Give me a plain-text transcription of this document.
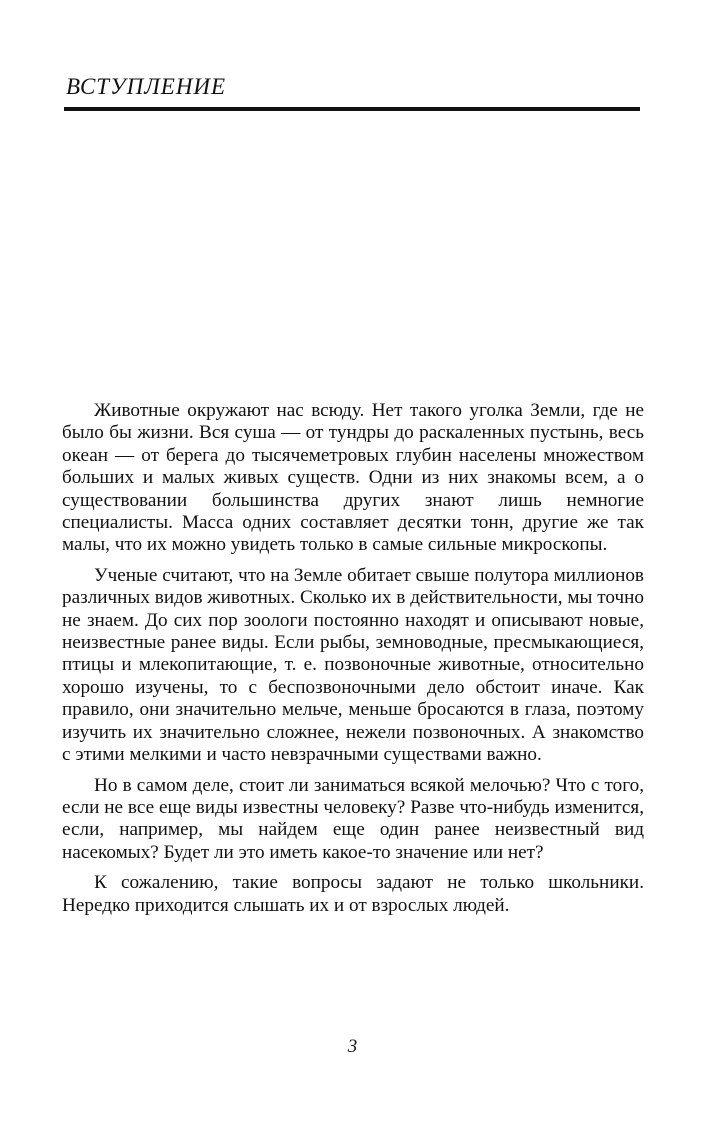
ВСТУПЛЕНИЕ

Животные окружают нас всюду. Нет такого уголка Земли, где не было бы жизни. Вся суша — от тундры до раскаленных пустынь, весь океан — от берега до тысячеметровых глубин населены множеством больших и малых живых существ. Одни из них знакомы всем, а о существовании большинства других знают лишь немногие специалисты. Масса одних составляет десятки тонн, другие же так малы, что их можно увидеть только в самые сильные микроскопы.

Ученые считают, что на Земле обитает свыше полутора миллионов различных видов животных. Сколько их в действительности, мы точно не знаем. До сих пор зоологи постоянно находят и описывают новые, неизвестные ранее виды. Если рыбы, земноводные, пресмыкающиеся, птицы и млекопитающие, т. е. позвоночные животные, относительно хорошо изучены, то с беспозвоночными дело обстоит иначе. Как правило, они значительно мельче, меньше бросаются в глаза, поэтому изучить их значительно сложнее, нежели позвоночных. А знакомство с этими мелкими и часто невзрачными существами важно.

Но в самом деле, стоит ли заниматься всякой мелочью? Что с того, если не все еще виды известны человеку? Разве что-нибудь изменится, если, например, мы найдем еще один ранее неизвестный вид насекомых? Будет ли это иметь какое-то значение или нет?

К сожалению, такие вопросы задают не только школьники. Нередко приходится слышать их и от взрослых людей.

3
